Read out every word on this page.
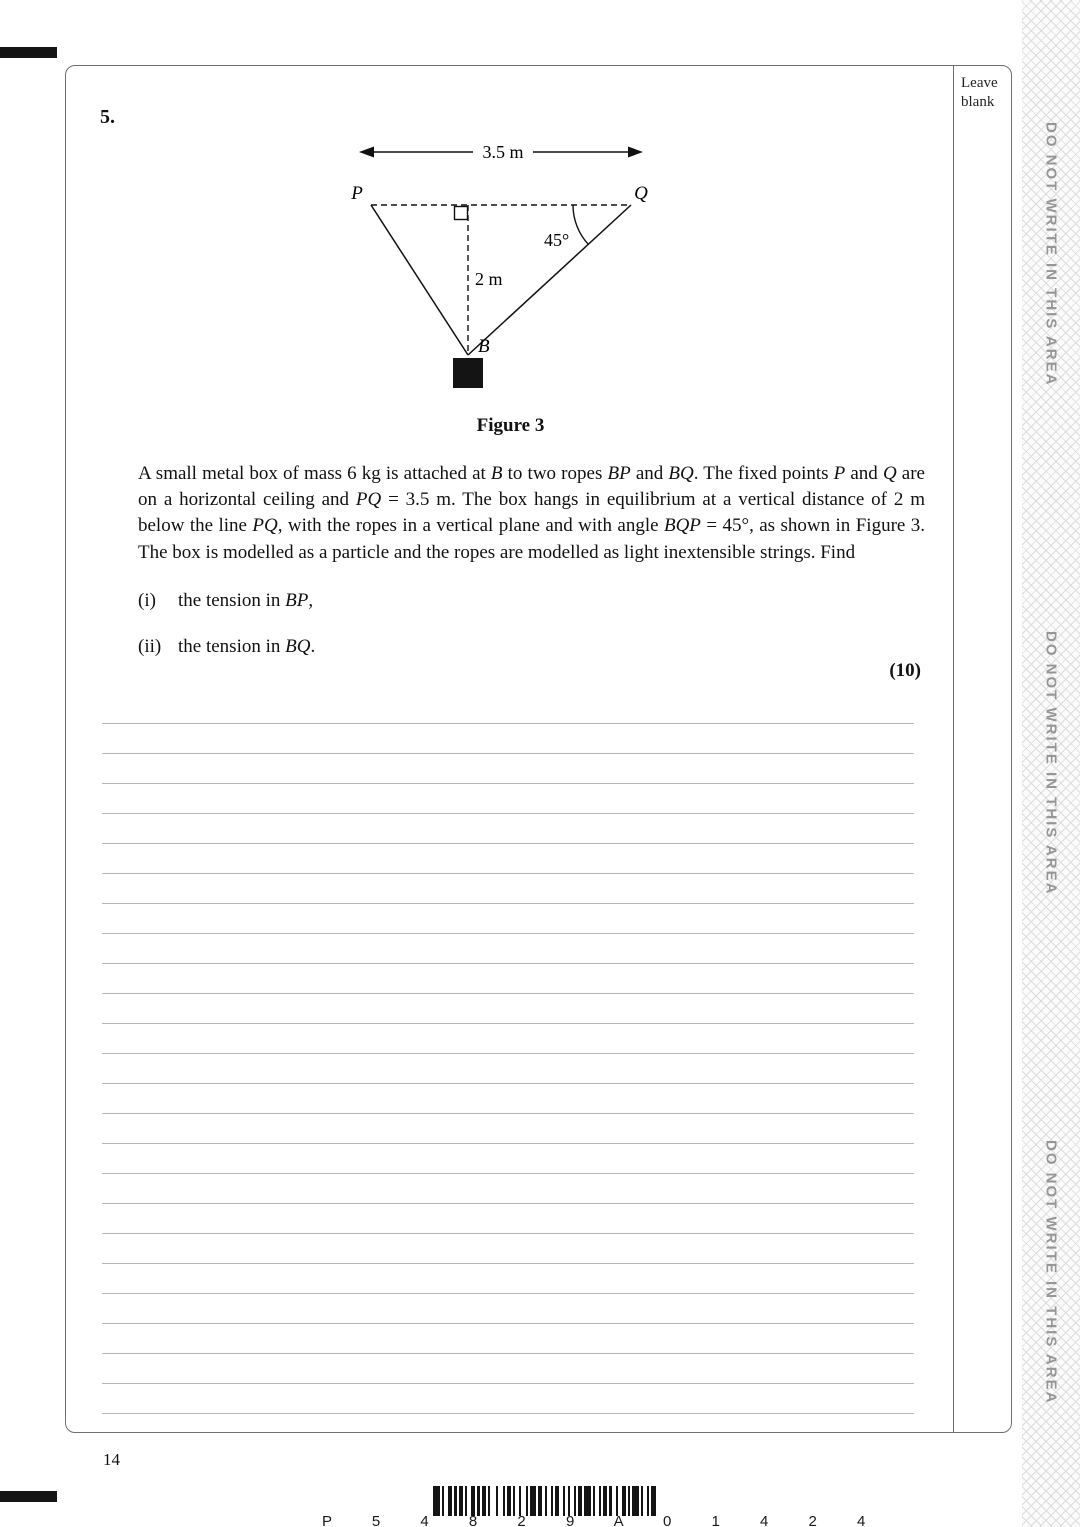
5.
3.5 m
P	Q
2 m
45°
B
Figure 3

A small metal box of mass 6 kg is attached at B to two ropes BP and BQ. The fixed points P and Q are on a horizontal ceiling and PQ = 3.5 m. The box hangs in equilibrium at a vertical distance of 2 m below the line PQ, with the ropes in a vertical plane and with angle BQP = 45°, as shown in Figure 3. The box is modelled as a particle and the ropes are modelled as light inextensible strings. Find

(i)	the tension in BP,
(ii) the tension in BQ.
(10)
Leave blank
14
P 5 4 8 2 9 A 0 1 4 2 4
DO NOT WRITE IN THIS AREA
DO NOT WRITE IN THIS AREA
DO NOT WRITE IN THIS AREA
